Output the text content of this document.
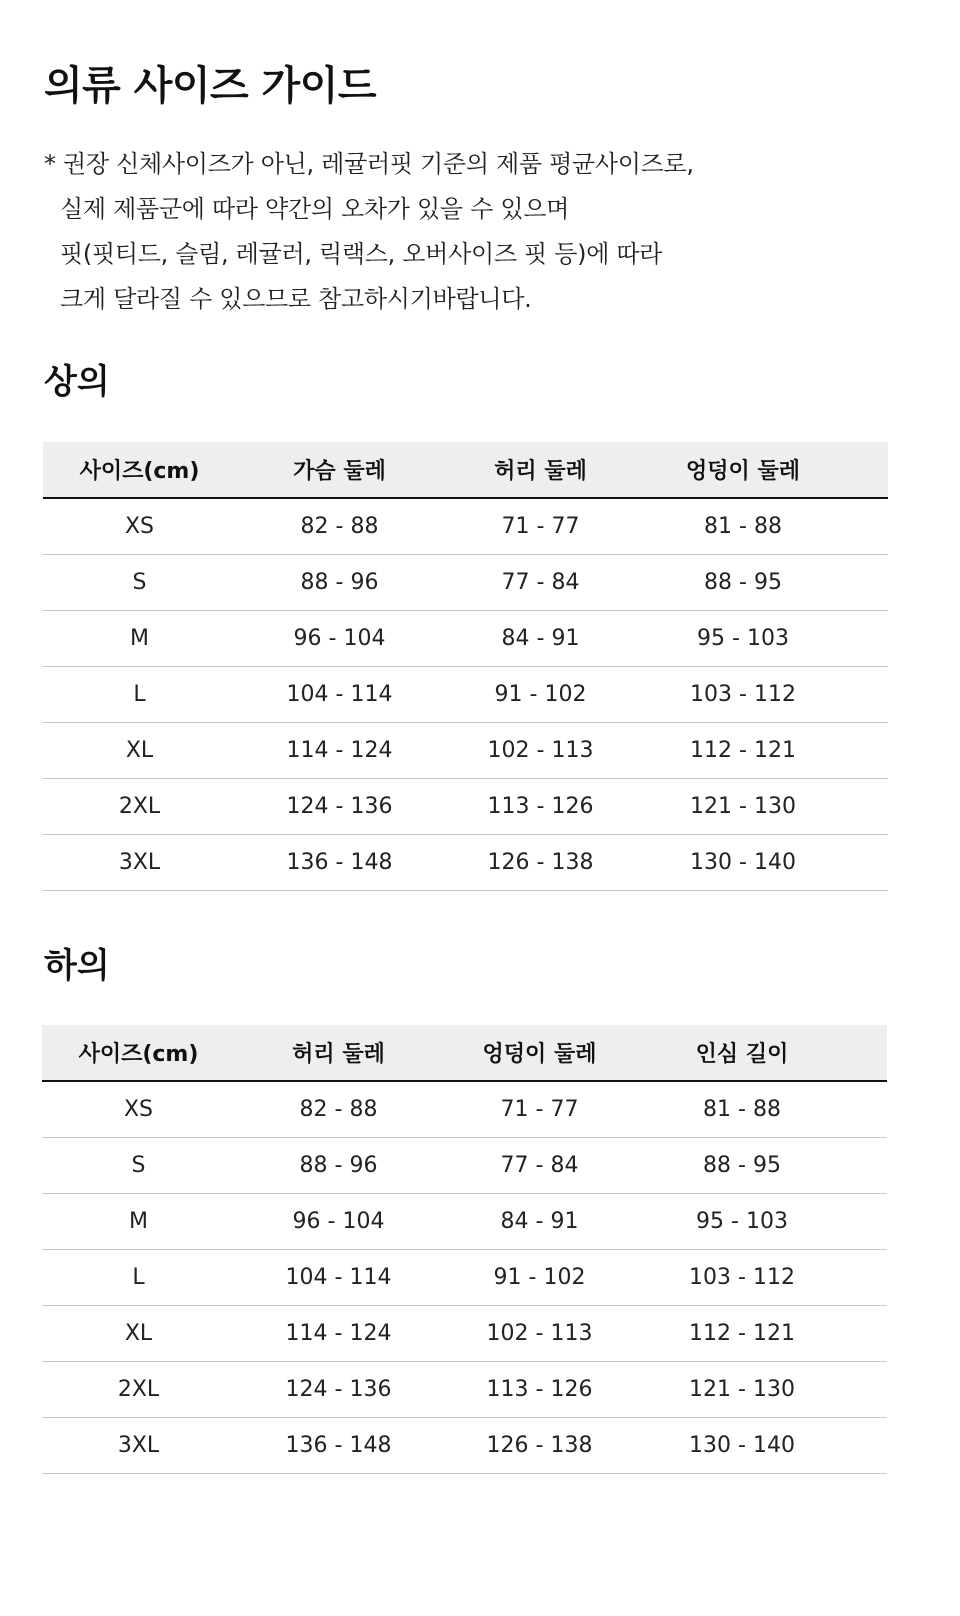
의류 사이즈 가이드

* 권장 신체사이즈가 아닌, 레귤러핏 기준의 제품 평균사이즈로,
실제 제품군에 따라 약간의 오차가 있을 수 있으며
핏(핏티드, 슬림, 레귤러, 릭랙스, 오버사이즈 핏 등)에 따라
크게 달라질 수 있으므로 참고하시기바랍니다.

상의
사이즈(cm)	가슴 둘레	허리 둘레	엉덩이 둘레	
XS	82 - 88	71 - 77	81 - 88	
S	88 - 96	77 - 84	88 - 95	
M	96 - 104	84 - 91	95 - 103	
L	104 - 114	91 - 102	103 - 112	
XL	114 - 124	102 - 113	112 - 121	
2XL	124 - 136	113 - 126	121 - 130	
3XL	136 - 148	126 - 138	130 - 140	
하의
사이즈(cm)	허리 둘레	엉덩이 둘레	인심 길이	
XS	82 - 88	71 - 77	81 - 88	
S	88 - 96	77 - 84	88 - 95	
M	96 - 104	84 - 91	95 - 103	
L	104 - 114	91 - 102	103 - 112	
XL	114 - 124	102 - 113	112 - 121	
2XL	124 - 136	113 - 126	121 - 130	
3XL	136 - 148	126 - 138	130 - 140	
